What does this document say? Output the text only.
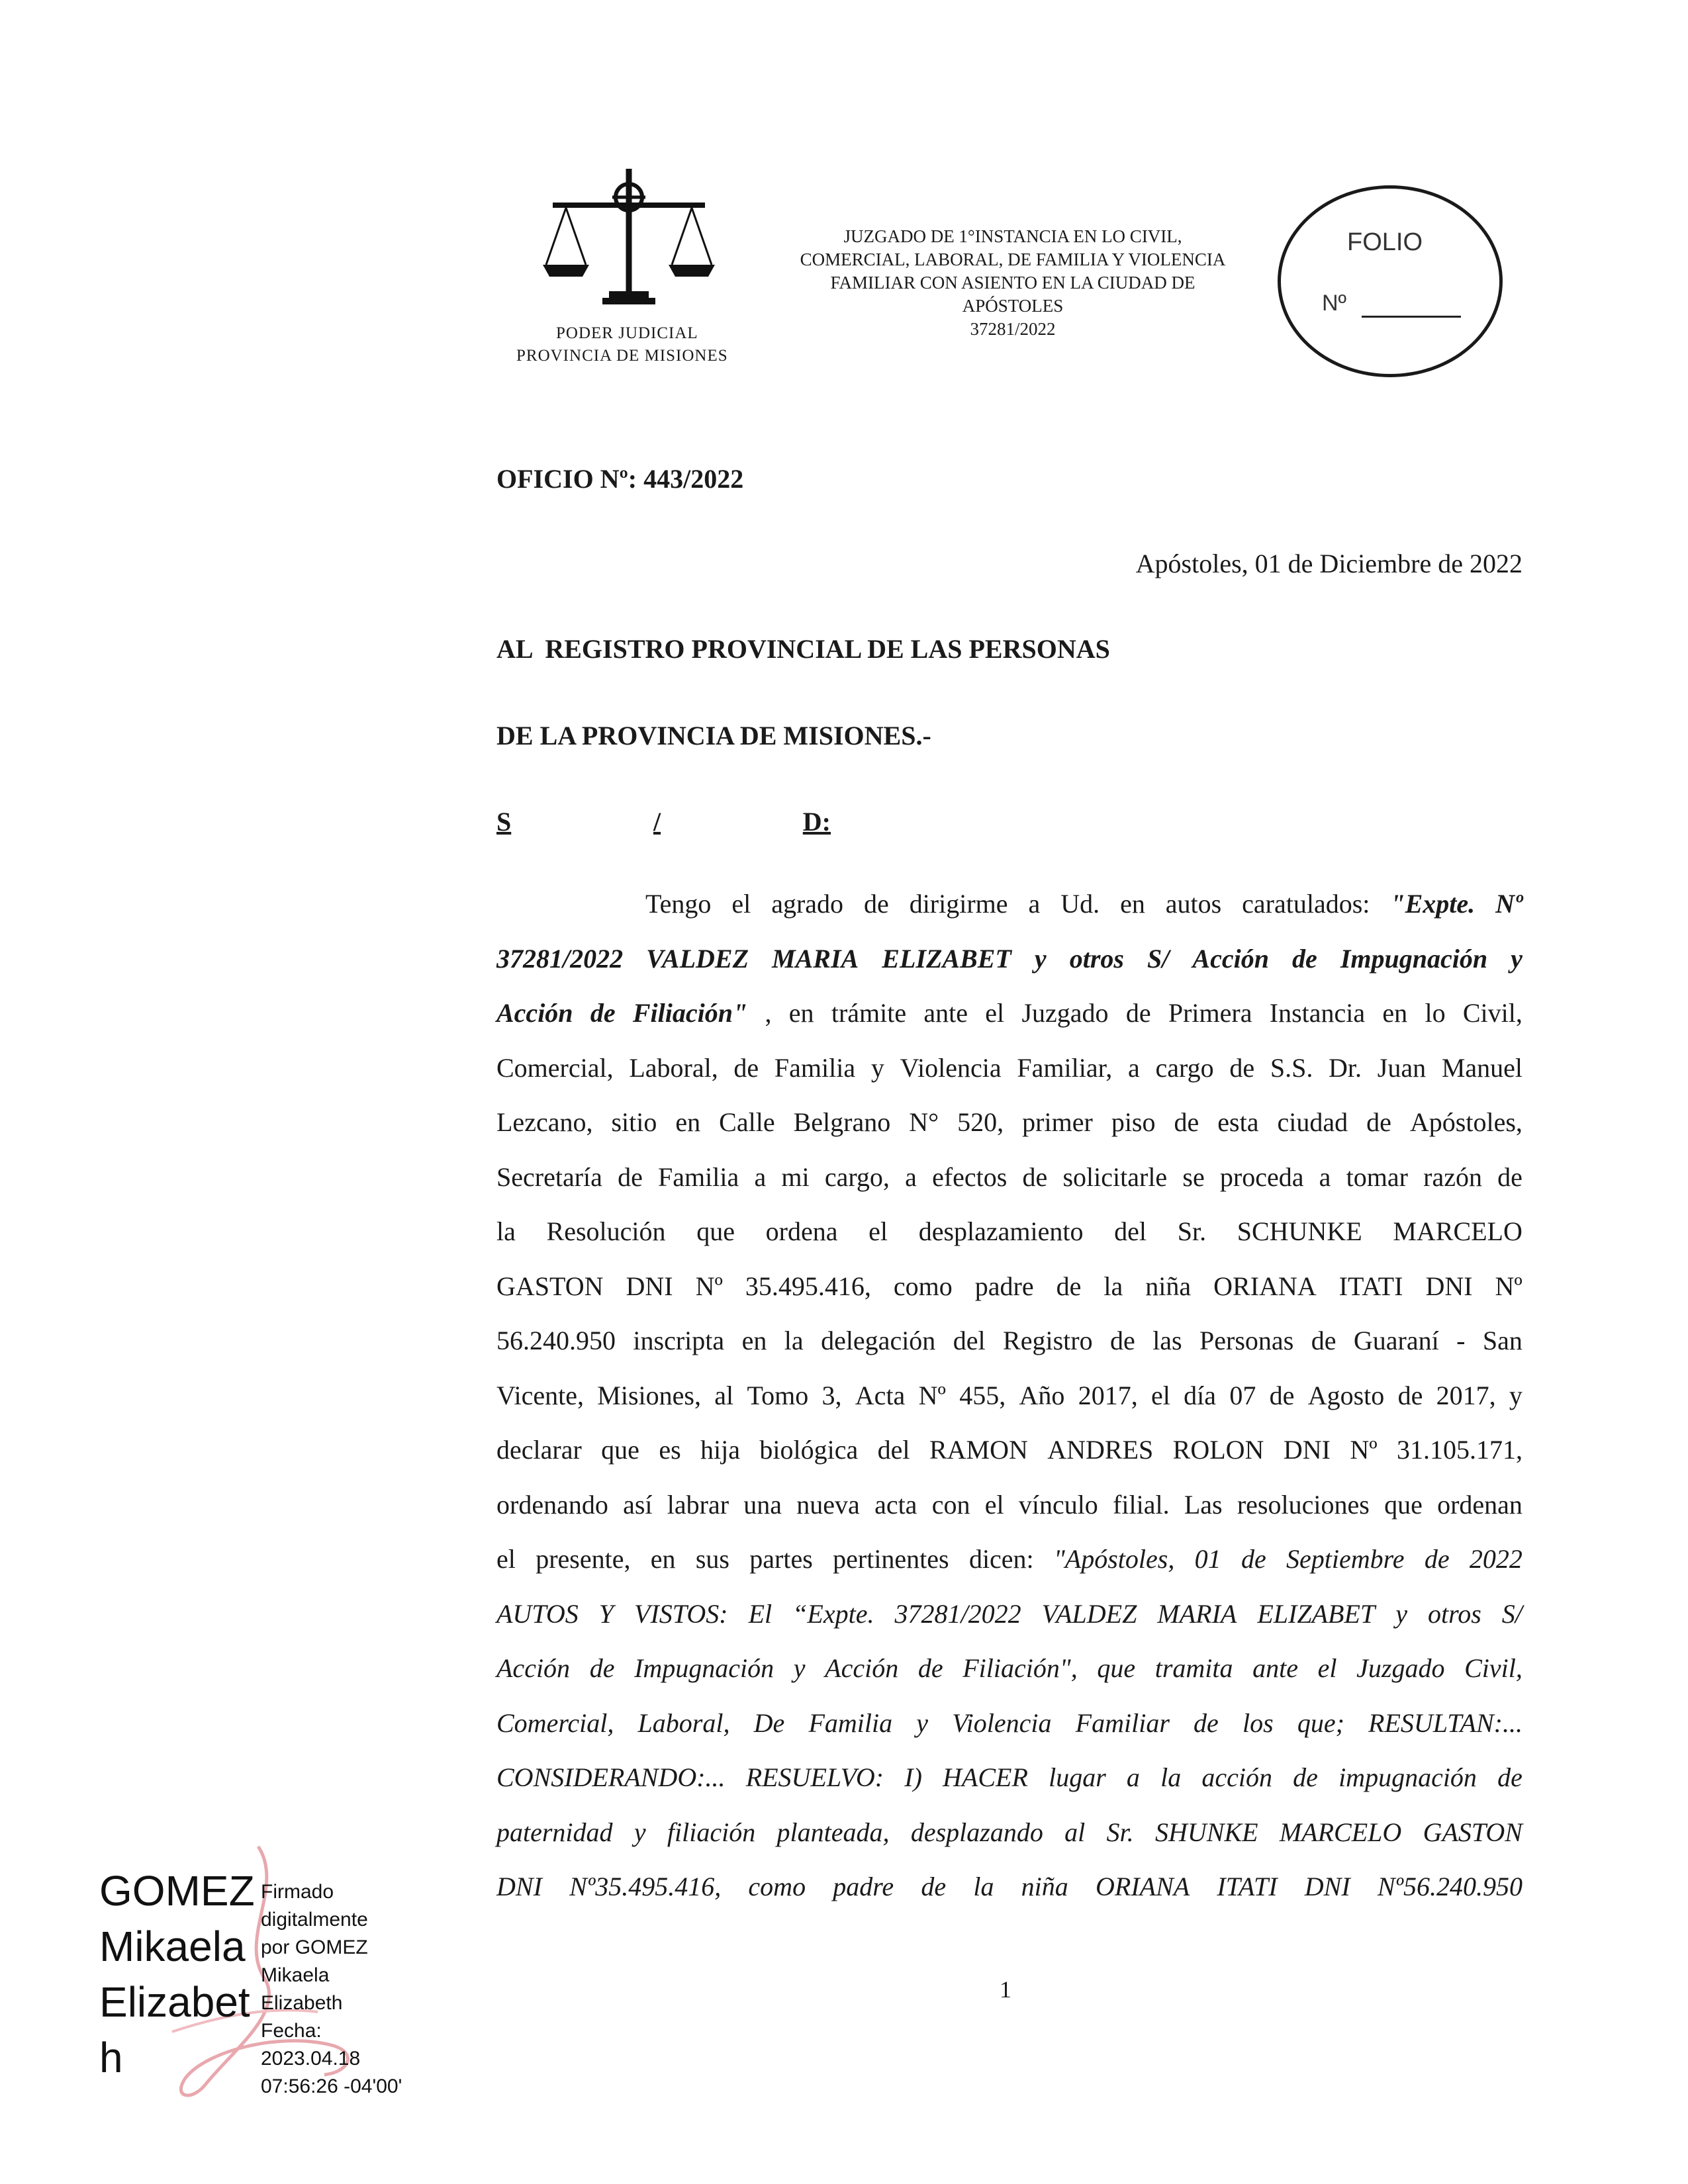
PODER JUDICIAL
PROVINCIA DE MISIONES
JUZGADO DE 1°INSTANCIA EN LO CIVIL,
COMERCIAL, LABORAL, DE FAMILIA Y VIOLENCIA
FAMILIAR CON ASIENTO EN LA CIUDAD DE
APÓSTOLES
37281/2022
FOLIO
Nº
OFICIO Nº: 443/2022
Apóstoles, 01 de Diciembre de 2022
AL  REGISTRO PROVINCIAL DE LAS PERSONAS
DE LA PROVINCIA DE MISIONES.-
S	/	D:
Tengo el agrado de dirigirme a Ud. en autos caratulados: "Expte. Nº
37281/2022 VALDEZ MARIA ELIZABET y otros S/ Acción de Impugnación y
Acción de Filiación" , en trámite ante el Juzgado de Primera Instancia en lo Civil,
Comercial, Laboral, de Familia y Violencia Familiar, a cargo de S.S. Dr. Juan Manuel
Lezcano, sitio en Calle Belgrano N° 520, primer piso de esta ciudad de Apóstoles,
Secretaría de Familia a mi cargo, a efectos de solicitarle se proceda a tomar razón de
la Resolución que ordena el desplazamiento del Sr. SCHUNKE MARCELO
GASTON DNI Nº 35.495.416, como padre de la niña ORIANA ITATI DNI Nº
56.240.950 inscripta en la delegación del Registro de las Personas de Guaraní - San
Vicente, Misiones, al Tomo 3, Acta Nº 455, Año 2017, el día 07 de Agosto de 2017, y
declarar que es hija biológica del RAMON ANDRES ROLON DNI Nº 31.105.171,
ordenando así labrar una nueva acta con el vínculo filial. Las resoluciones que ordenan
el presente, en sus partes pertinentes dicen: "Apóstoles, 01 de Septiembre de 2022
AUTOS Y VISTOS: El “Expte. 37281/2022 VALDEZ MARIA ELIZABET y otros S/
Acción de Impugnación y Acción de Filiación", que tramita ante el Juzgado Civil,
Comercial, Laboral, De Familia y Violencia Familiar de los que; RESULTAN:...
CONSIDERANDO:... RESUELVO: I) HACER lugar a la acción de impugnación de
paternidad y filiación planteada, desplazando al Sr. SHUNKE MARCELO GASTON
DNI Nº35.495.416, como padre de la niña ORIANA ITATI DNI Nº56.240.950
1
GOMEZ
Mikaela
Elizabet
h
Firmado
digitalmente
por GOMEZ
Mikaela
Elizabeth
Fecha:
2023.04.18
07:56:26 -04'00'
